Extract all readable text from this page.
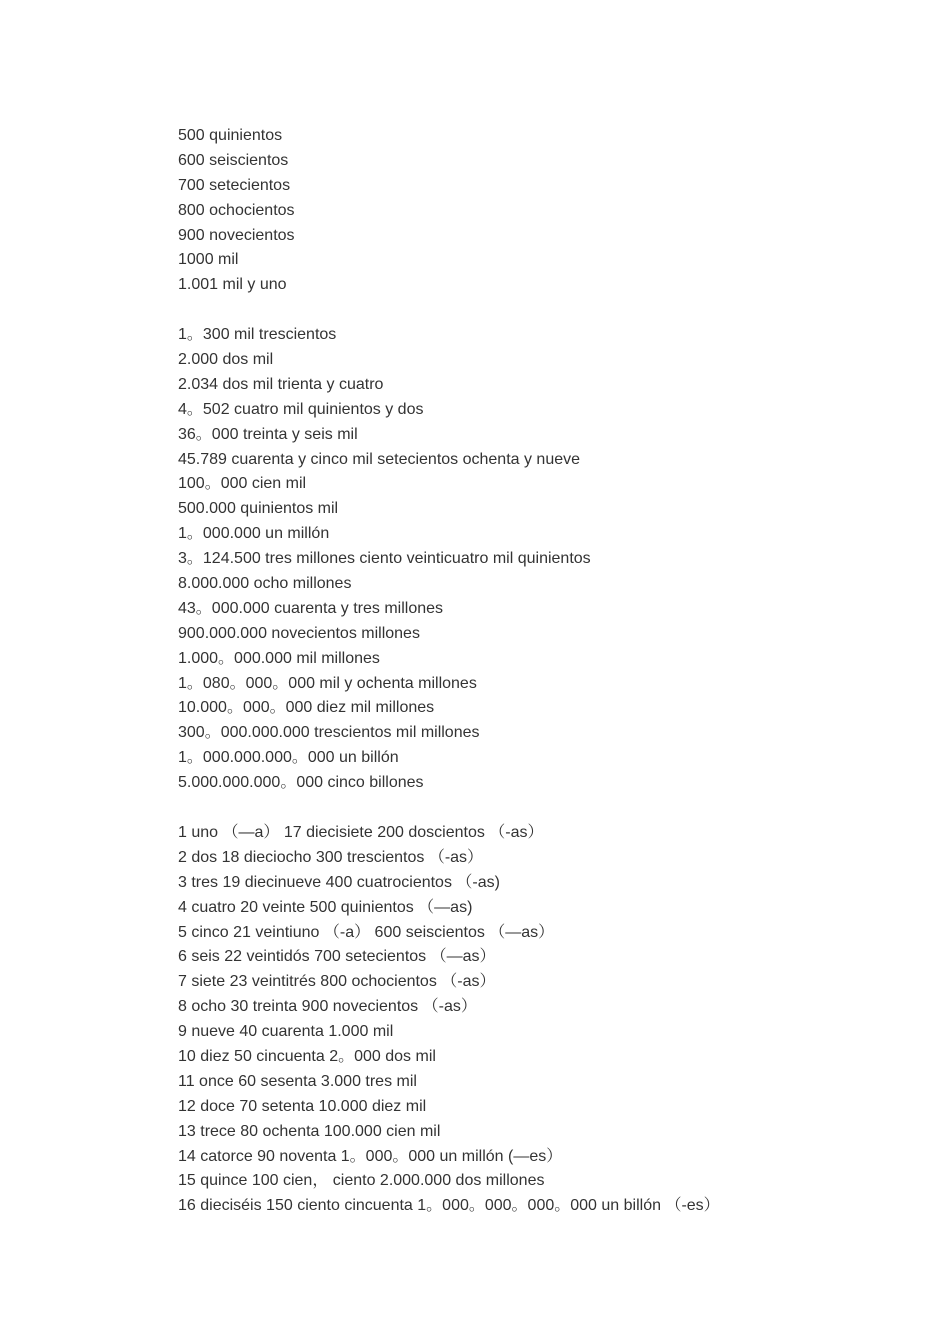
500 quinientos
600 seiscientos
700 setecientos
800 ochocientos
900 novecientos
1000 mil
1.001 mil y uno
1。300 mil trescientos
2.000 dos mil
2.034 dos mil trienta y cuatro
4。502 cuatro mil quinientos y dos
36。000 treinta y seis mil
45.789 cuarenta y cinco mil setecientos ochenta y nueve
100。000 cien mil
500.000 quinientos mil
1。000.000 un millón
3。124.500 tres millones ciento veinticuatro mil quinientos
8.000.000 ocho millones
43。000.000 cuarenta y tres millones
900.000.000 novecientos millones
1.000。000.000 mil millones
1。080。000。000 mil y ochenta millones
10.000。000。000 diez mil millones
300。000.000.000 trescientos mil millones
1。000.000.000。000 un billón
5.000.000.000。000 cinco billones
1 uno （—a） 17 diecisiete 200 doscientos （-as）
2 dos 18 dieciocho 300 trescientos （-as）
3 tres 19 diecinueve 400 cuatrocientos （-as)
4 cuatro 20 veinte 500 quinientos （—as)
5 cinco 21 veintiuno （-a） 600 seiscientos （—as）
6 seis 22 veintidós 700 setecientos （—as）
7 siete 23 veintitrés 800 ochocientos （-as）
8 ocho 30 treinta 900 novecientos （-as）
9 nueve 40 cuarenta 1.000 mil
10 diez 50 cincuenta 2。000 dos mil
11 once 60 sesenta 3.000 tres mil
12 doce 70 setenta 10.000 diez mil
13 trece 80 ochenta 100.000 cien mil
14 catorce 90 noventa 1。000。000 un millón (—es）
15 quince 100 cien， ciento 2.000.000 dos millones
16 dieciséis 150 ciento cincuenta 1。000。000。000。000 un billón （-es）
